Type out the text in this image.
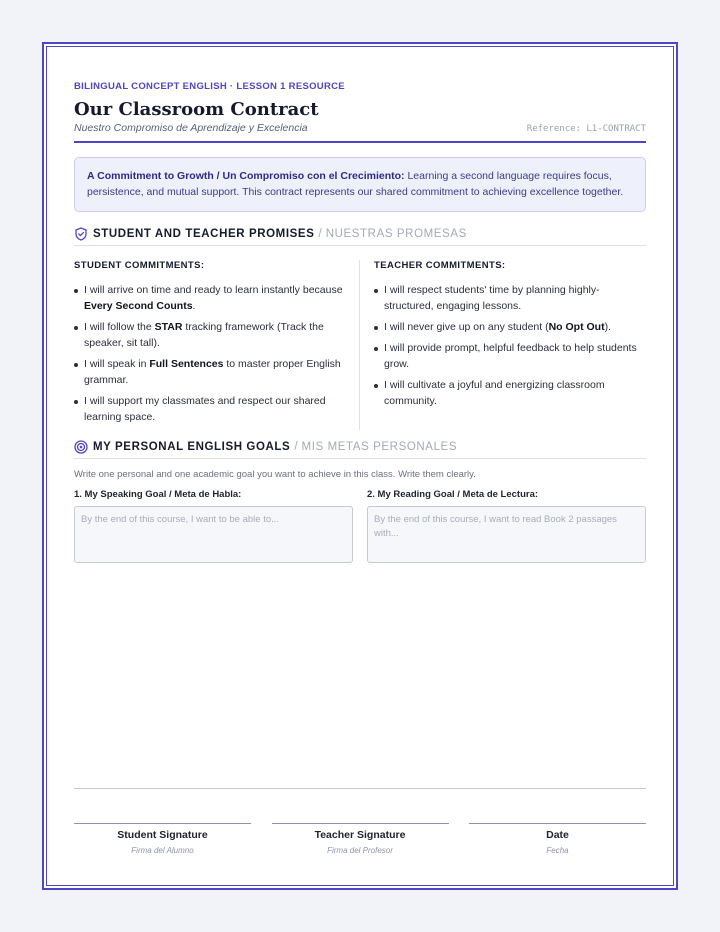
BILINGUAL CONCEPT ENGLISH · LESSON 1 RESOURCE
Our Classroom Contract
Nuestro Compromiso de Aprendizaje y Excelencia	Reference: L1-CONTRACT
A Commitment to Growth / Un Compromiso con el Crecimiento: Learning a second language requires focus, persistence, and mutual support. This contract represents our shared commitment to achieving excellence together.
STUDENT AND TEACHER PROMISES / NUESTRAS PROMESAS
STUDENT COMMITMENTS:
I will arrive on time and ready to learn instantly because Every Second Counts.
I will follow the STAR tracking framework (Track the speaker, sit tall).
I will speak in Full Sentences to master proper English grammar.
I will support my classmates and respect our shared learning space.
TEACHER COMMITMENTS:
I will respect students' time by planning highly-structured, engaging lessons.
I will never give up on any student (No Opt Out).
I will provide prompt, helpful feedback to help students grow.
I will cultivate a joyful and energizing classroom community.
MY PERSONAL ENGLISH GOALS / MIS METAS PERSONALES
Write one personal and one academic goal you want to achieve in this class. Write them clearly.
1. My Speaking Goal / Meta de Habla:
By the end of this course, I want to be able to...
2. My Reading Goal / Meta de Lectura:
By the end of this course, I want to read Book 2 passages with...
Student Signature
Firma del Alumno
Teacher Signature
Firma del Profesor
Date
Fecha
